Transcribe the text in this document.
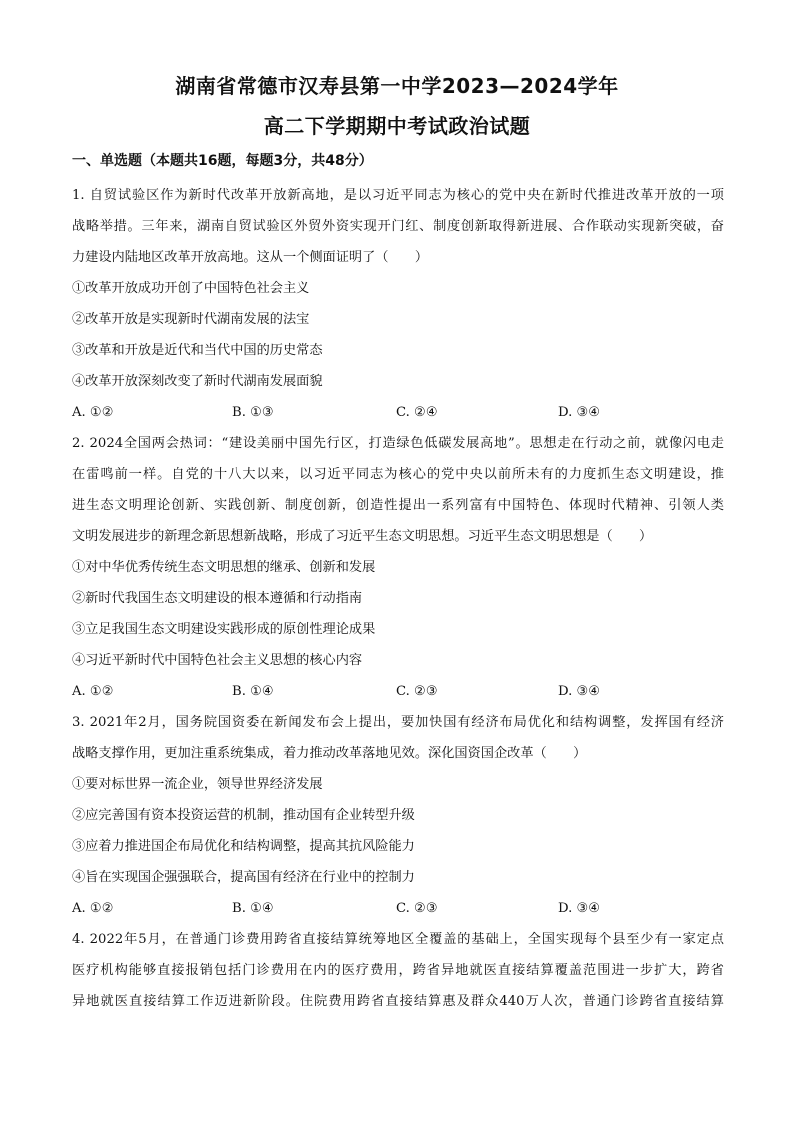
湖南省常德市汉寿县第一中学2023—2024学年
高二下学期期中考试政治试题
一、单选题（本题共16题，每题3分，共48分）
1. 自贸试验区作为新时代改革开放新高地，是以习近平同志为核心的党中央在新时代推进改革开放的一项
战略举措。三年来，湖南自贸试验区外贸外资实现开门红、制度创新取得新进展、合作联动实现新突破，奋
力建设内陆地区改革开放高地。这从一个侧面证明了（　　）
①改革开放成功开创了中国特色社会主义
②改革开放是实现新时代湖南发展的法宝
③改革和开放是近代和当代中国的历史常态
④改革开放深刻改变了新时代湖南发展面貌
A. ①②	B. ①③	C. ②④	D. ③④
2. 2024全国两会热词：“建设美丽中国先行区，打造绿色低碳发展高地”。思想走在行动之前，就像闪电走
在雷鸣前一样。自党的十八大以来，以习近平同志为核心的党中央以前所未有的力度抓生态文明建设，推
进生态文明理论创新、实践创新、制度创新，创造性提出一系列富有中国特色、体现时代精神、引领人类
文明发展进步的新理念新思想新战略，形成了习近平生态文明思想。习近平生态文明思想是（　　）
①对中华优秀传统生态文明思想的继承、创新和发展
②新时代我国生态文明建设的根本遵循和行动指南
③立足我国生态文明建设实践形成的原创性理论成果
④习近平新时代中国特色社会主义思想的核心内容
A. ①②	B. ①④	C. ②③	D. ③④
3. 2021年2月，国务院国资委在新闻发布会上提出，要加快国有经济布局优化和结构调整，发挥国有经济
战略支撑作用，更加注重系统集成，着力推动改革落地见效。深化国资国企改革（　　）
①要对标世界一流企业，领导世界经济发展
②应完善国有资本投资运营的机制，推动国有企业转型升级
③应着力推进国企布局优化和结构调整，提高其抗风险能力
④旨在实现国企强强联合，提高国有经济在行业中的控制力
A. ①②	B. ①④	C. ②③	D. ③④
4. 2022年5月，在普通门诊费用跨省直接结算统筹地区全覆盖的基础上，全国实现每个县至少有一家定点
医疗机构能够直接报销包括门诊费用在内的医疗费用，跨省异地就医直接结算覆盖范围进一步扩大，跨省
异地就医直接结算工作迈进新阶段。住院费用跨省直接结算惠及群众440万人次，普通门诊跨省直接结算
